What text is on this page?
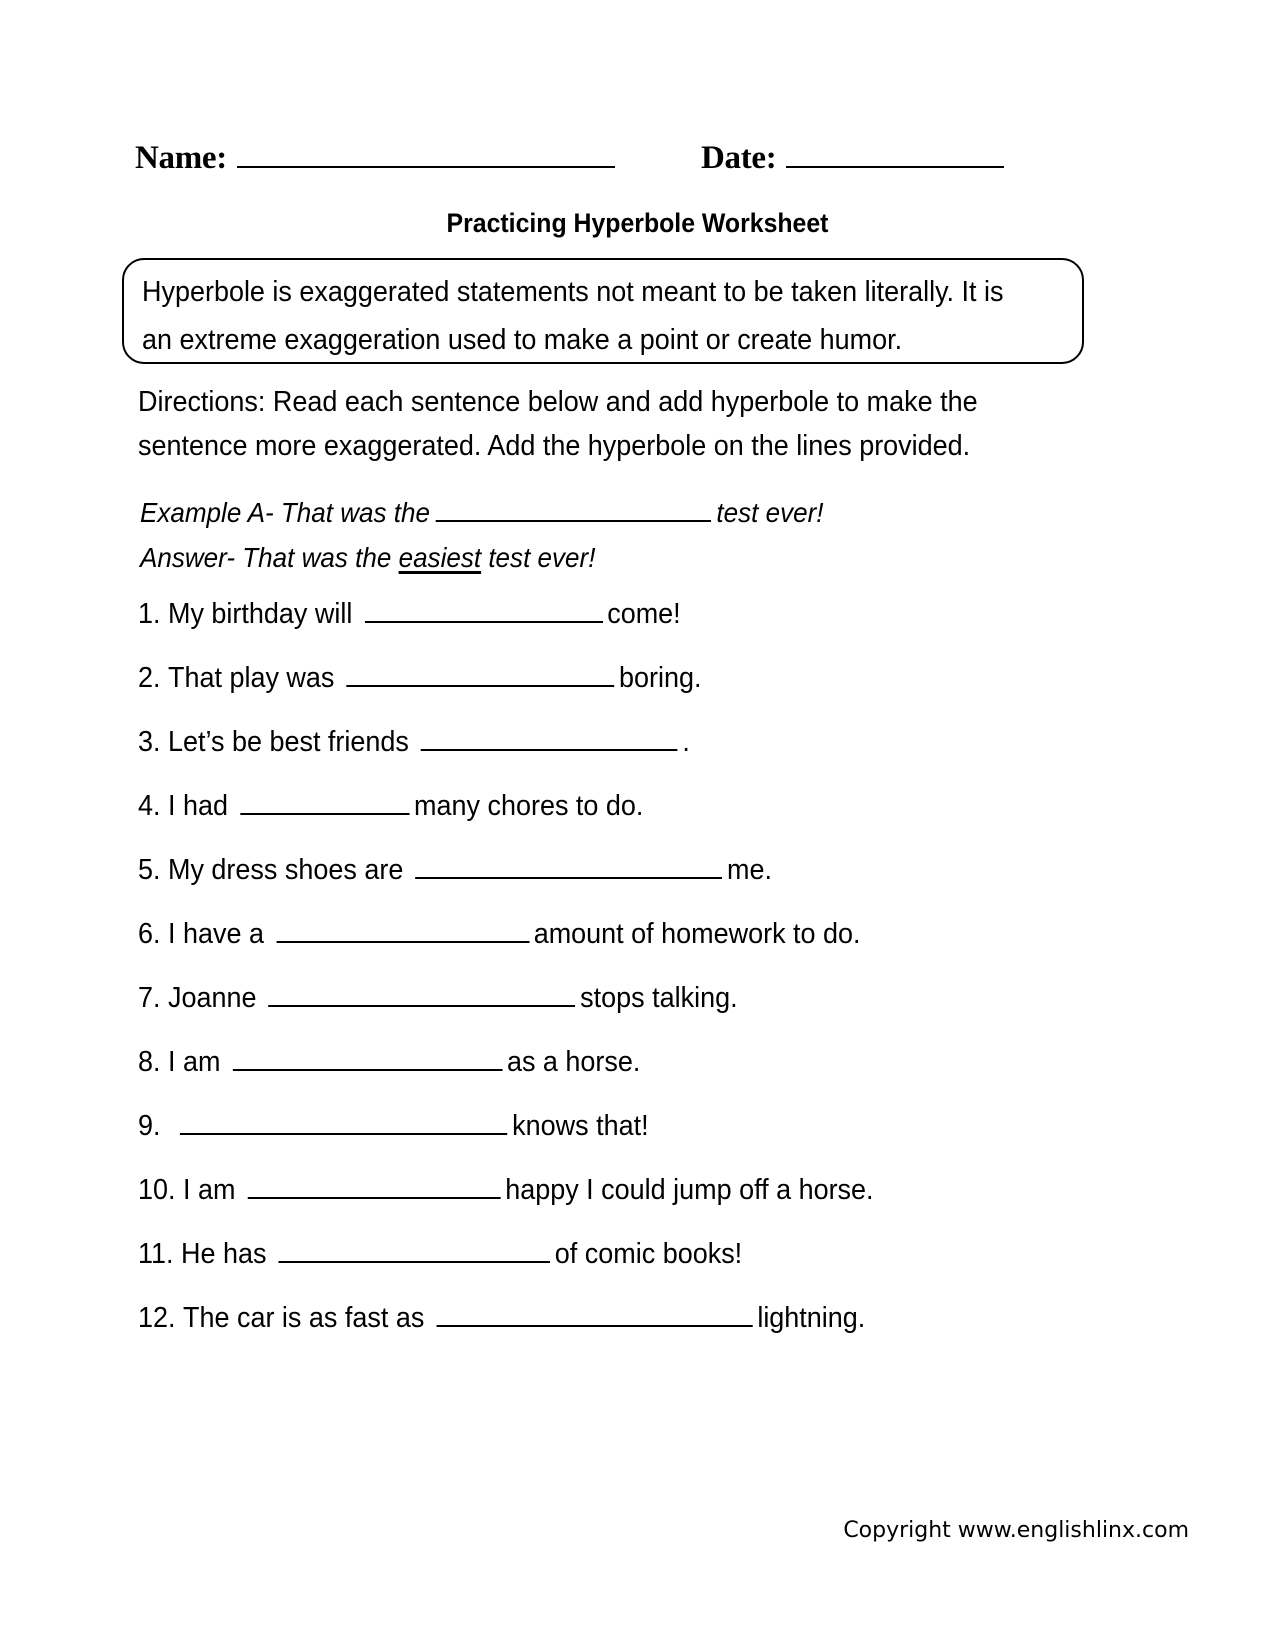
Name:	Date:
Practicing Hyperbole Worksheet
Hyperbole is exaggerated statements not meant to be taken literally. It is an extreme exaggeration used to make a point or create humor.
Directions: Read each sentence below and add hyperbole to make the sentence more exaggerated. Add the hyperbole on the lines provided.
Example A- That was the	test ever!
Answer- That was the easiest test ever!
1. My birthday will
	come!
2. That play was
	boring.
3. Let’s be best friends
	.
4. I had
	many chores to do.
5. My dress shoes are
	me.
6. I have a
	amount of homework to do.
7. Joanne
	stops talking.
8. I am
	as a horse.
9.
	knows that!
10. I am
	happy I could jump off a horse.
11. He has
	of comic books!
12. The car is as fast as
	lightning.
Copyright www.englishlinx.com
